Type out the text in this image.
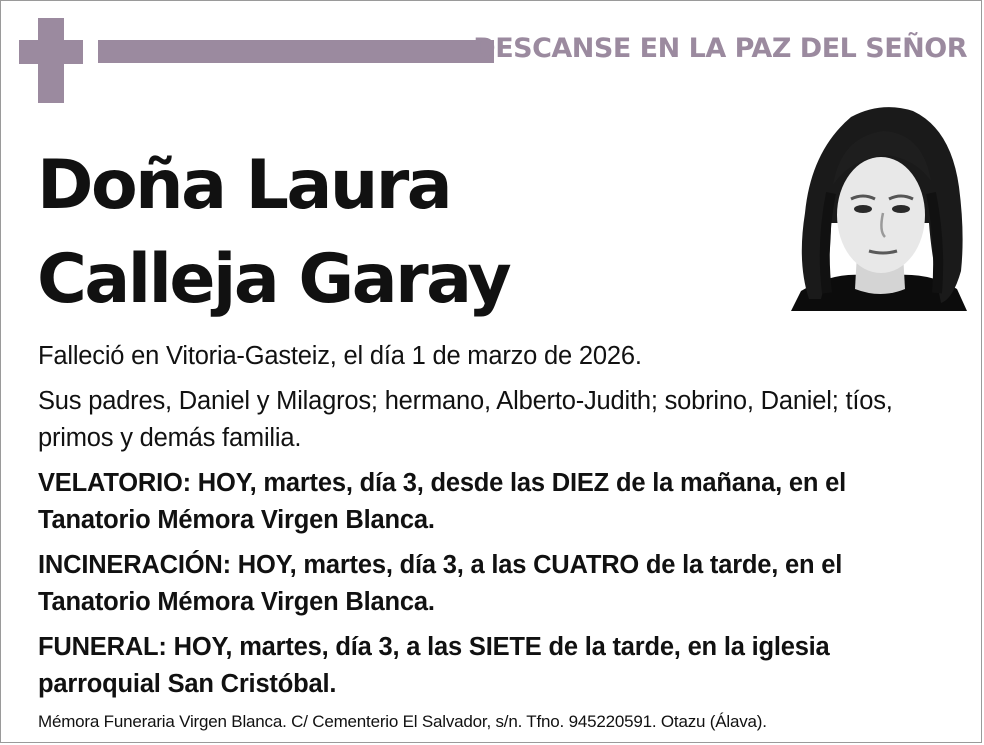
DESCANSE EN LA PAZ DEL SEÑOR
Doña Laura
Calleja Garay

Falleció en Vitoria-Gasteiz, el día 1 de marzo de 2026.

Sus padres, Daniel y Milagros; hermano, Alberto-Judith; sobrino, Daniel; tíos, primos y demás familia.

VELATORIO: HOY, martes, día 3, desde las DIEZ de la mañana, en el Tanatorio Mémora Virgen Blanca.

INCINERACIÓN: HOY, martes, día 3, a las CUATRO de la tarde, en el Tanatorio Mémora Virgen Blanca.

FUNERAL: HOY, martes, día 3, a las SIETE de la tarde, en la iglesia parroquial San Cristóbal.

Mémora Funeraria Virgen Blanca. C/ Cementerio El Salvador, s/n. Tfno. 945220591. Otazu (Álava).
